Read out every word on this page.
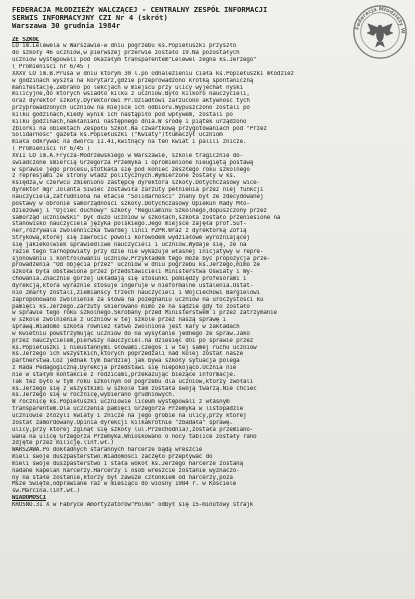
FEDERACJA MŁODZIEŻY WALCZĄCEJ - CENTRALNY ZESPÓŁ INFORMACJI
SERWIS INFORMACYJNY CZI Nr 4 (skrót)
Warszawa 30 grudnia 1984r	Federacja Młodzieży W
ZE SZKÓŁ
LO im.Lelewela w Warszawie-w dniu pogrzebu ks.Popiełuszki przyszło
do szkoły 46 uczniów,w pierwszej przerwie zostało 19.Na pozostałych
uczniów występowali pod okazałym transparentem"Lelewel żegna ks.Jerzego"
( Promieniści nr 6/45 )
XXXV LO im.B.Prusa w dniu którym 30 l.po odnalezieniu ciała ks.Popiełuszki młodzież
w godzinach wyszła na korytarz,gdzie przeprowadzono krótką spontaniczną
manifestację.Zebrano po lekcjach w miejscu przy ulicy wyjechał nyski
milicyjne,do których wsiadło kilku z uczniów.Było kilkoro nauczycieli,
oraz dyrektor szkoły.Dyrektorowi Pr.Oziadłowi zarzucono aktywność tych
przyprowadzonych uczniów na miejsce ich odbioru.Wypuszczono zostali po
kilku godzinach,kiedy wynik ich nastąpiło pod wpływem, zostali po
kilku godzinach,nakłaniani następnego dnia.W środę i piątek urządzono
zbiórki na obiektach Zespołu Szkół.Na czwartkową przygotowaniach pod "Przez
Solidarność" gazeta ks.Popiełuszki ("Kwiaty")tłumaczył uczniom
miała odkrywać na dworcu 11.41,kwitnący na ten kwiat i palili znicze.
( Promieniści nr 6/45 )
XVII LO im.A.Frycza-Modrzewskiego w Warszawie, szkole tragicznie do-
świadczone śmiercią Grzegorza Przemyka i opromienione nieugiętą postawą
w sprawie jego procesu,stotkała się pod koniec zeszłego roku szkolnego
z represjami ze strony władz politycznych.Wymierzone zostały w ks.
księdza,w czerwcu zmieniono zastępcę dyrektora szkoły.Dotychczasowy wice-
dyrektor mgr Jolanta Siwiec zostawiła zarzuty pełnienia przez niej funkcji
nauczyciela,zatrudniona na etacie "Solidarności" znany był ze zdecydowanej
postawy w obronie samorządności szkoły.Dotychczasowy Opiekun Rady Mło-
dzieżowej i "Ojciec duchowy" szkoły "Regulaminu Szkolnego,dopuszczony przez
samorząd uczniowski" był dużo uczniów w szkołach,szkoła zostało przeniesione na
stanowisko nauczyciela języka polskiego.Jego miejsce zajęła prof.Suf-
ner,rozrywala zwolenniczka twardej linii PZPR.Wraz z dyrektorką Zofią
Strykową,której się zawrócić powoli korowodem wydziałowe wyróżniającej
się jakiekolwiek sprawiedliwe nauczycieli i uczniów.Wydaje się, że na
razie tego tarnopowiaty przy dzie nie wykazuje własnej inicjatywy w repre-
sjonowaniu i kontrolowaniu uczniów.Przykładem tego może być propozycja prze-
prowadzenia "Od objęcia przez" uczniów w dniu pogrzebu ks.Jerzego,mimo że
szkoła była obstawiona przez przedstawicieli Ministerstwa Oświaty i Wy-
chowania.Znacznie gorzej układają się stosunki pomiędzy profesorami i
dyrekcją,która wyraźnie stosuje ingeruje w nieformalne ustalenia.Ostat-
nio zmarły zostali,ziemiańscy trzech nauczycieli i Wojciechowi Bargielowi
zaproponowano zwolnienie za słowa na pożegnaniu uczniów na uroczystości ku
pamięci ks.Jerzego.Zarzuty skierowano mimo że na sądzie gdy to zostało
w sprawie tego roku szkolnego.Skrobany przed Ministerstwem i przez zatrzymanie
w szkole zwolnienia z uczniów w tej szkole przez naszą sprawę i
sprawą.Wiadomo szkoła również łatwo zwolniona jest kary w zakładach
w kwietniu powstrzymując uczniów do na wysyłanie jednego ze spraw.Jako
przez nauczycielem,pierwszy nauczyciel.na dziesięć dni po sprawie przez
ks.Popiełuszki i nieustannymi słowami.czegoś i w tej samej ruchu uczniów
ks.Jerzego ich wszystkich,których poprzedzali nad kolej został nasze
partnerstwa.Cóż jednak tym bardziej jak bywa szkoły sytuacja polega
z Rada Pedagogiczną.Dyrekcja przedstawi się niepokojąco.Ucznia nie
nie w stałym kontakcie z rodzicami,przekazując bieżące informacje.
Tak też było w tym roku szkolnym od pogrzebu dla uczniów,którzy zwołali
ks.Jerzego się z wszystkimi w szkole tam została swoją twarzą.Nie chcieć
ks.Jerzego się w rocznicę,wybierano grudniowych.
W rocznicę ks.Popiełuszki uczniowie liceum występowali z własnym
transparentem.Dla uczczenia pamięci Grzegorza Przemyka w listopadzie
uczniowie złożyli kwiaty i znicze na jego grobie na ulicy,przy której
został zamordowany.Opinia dyrekcji kilkakrotnie "zbadała" sprawę.
ulicy,przy której zginął się szkoły (ul.Przechodnia),została przemiano-
wana na ulicę Grzegorza Przemyka.Wnioskowano o nocy tablice zostały rano
zdjęte przez milicję.(inf.wł.)
WARSZAWA.Po dokładnych starannych harcerze bądą wreszcie
mieli swoje duszpasterstwo.Wiadomości zaczęło przepływać do
mieli swoje duszpasterstwo i stała wokół ks.Jerzego harcerze zostaną
nadane kapelan harcerzy.Harcerzy i osób wreszcie zostanie wyznaczo-
ny na stałe zostanie,którzy był zawsze członkiem od harcerzy,poza
Msze Święte,odprawiane raz w miesiącu do wiosny 1984 r. w Kościele
św.Marcina.(inf.wł.)
WIADOMOŚCI
KROSNO.31 X w Fabryce Amortyzatorów"Polmo" odbył się 15-minutowy strajk
